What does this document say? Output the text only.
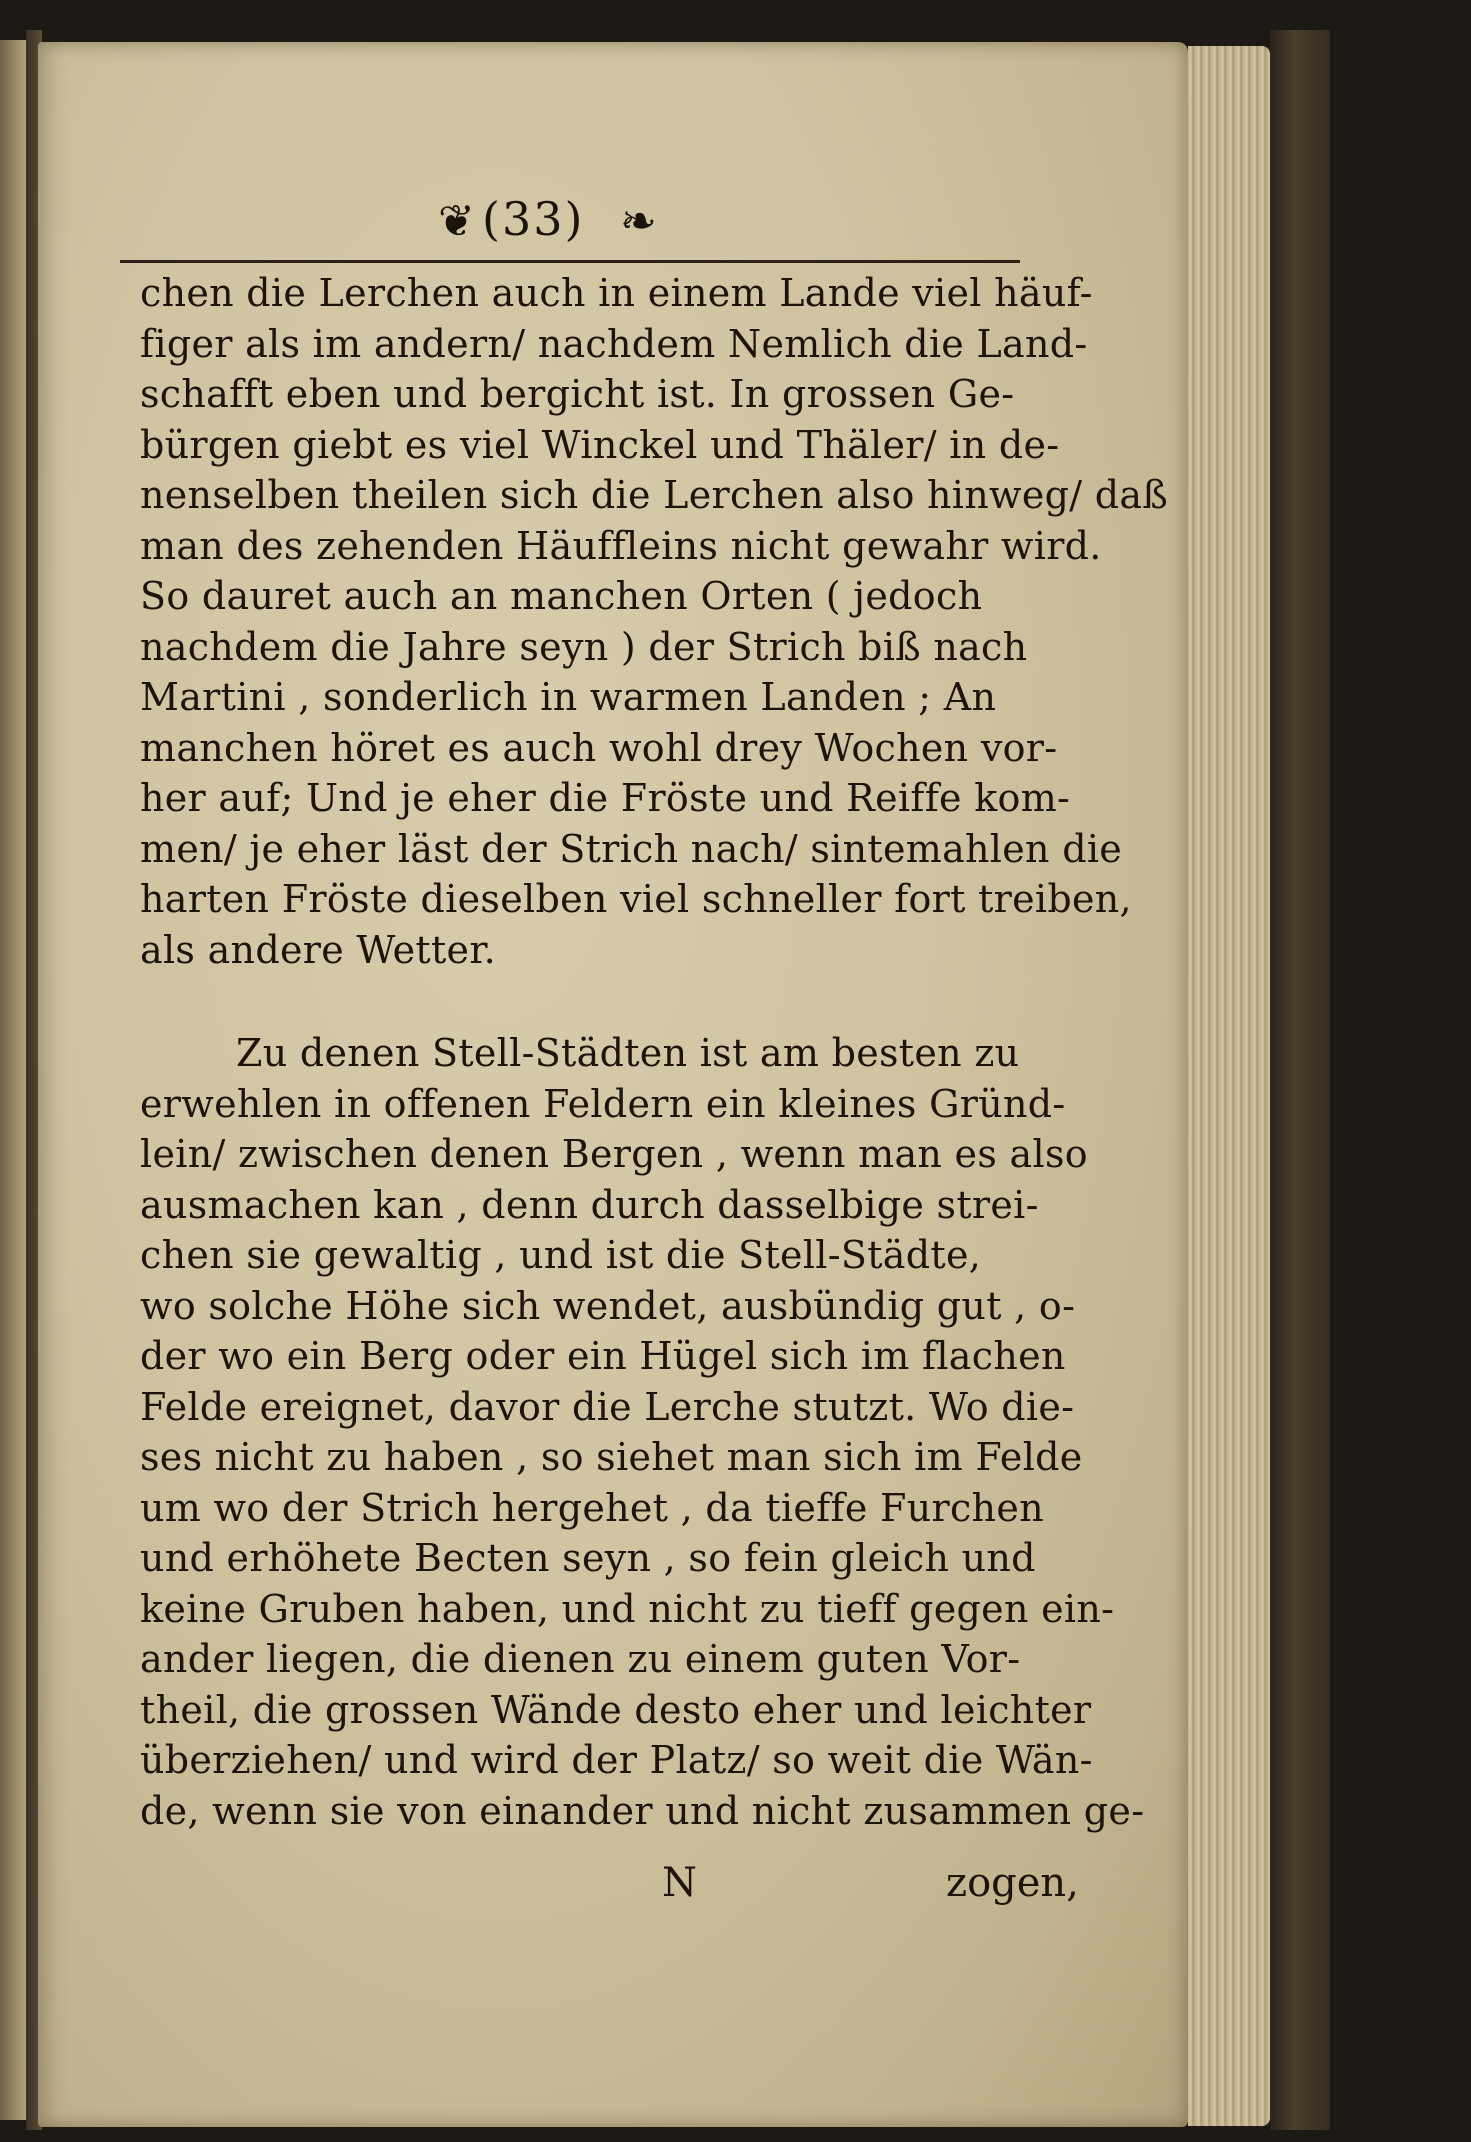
❦ (33) ❧
chen die Lerchen auch in einem Lande viel häuf-
figer als im andern/ nachdem Nemlich die Land-
schafft eben und bergicht ist. In grossen Ge-
bürgen giebt es viel Winckel und Thäler/ in de-
nenselben theilen sich die Lerchen also hinweg/ daß
man des zehenden Häuffleins nicht gewahr wird.
So dauret auch an manchen Orten ( jedoch
nachdem die Jahre seyn ) der Strich biß nach
Martini , sonderlich in warmen Landen ; An
manchen höret es auch wohl drey Wochen vor-
her auf; Und je eher die Fröste und Reiffe kom-
men/ je eher läst der Strich nach/ sintemahlen die
harten Fröste dieselben viel schneller fort treiben,
als andere Wetter.
Zu denen Stell-Städten ist am besten zu
erwehlen in offenen Feldern ein kleines Gründ-
lein/ zwischen denen Bergen , wenn man es also
ausmachen kan , denn durch dasselbige strei-
chen sie gewaltig , und ist die Stell-Städte,
wo solche Höhe sich wendet, ausbündig gut , o-
der wo ein Berg oder ein Hügel sich im flachen
Felde ereignet, davor die Lerche stutzt. Wo die-
ses nicht zu haben , so siehet man sich im Felde
um wo der Strich hergehet , da tieffe Furchen
und erhöhete Becten seyn , so fein gleich und
keine Gruben haben, und nicht zu tieff gegen ein-
ander liegen, die dienen zu einem guten Vor-
theil, die grossen Wände desto eher und leichter
überziehen/ und wird der Platz/ so weit die Wän-
de, wenn sie von einander und nicht zusammen ge-
N	zogen,
